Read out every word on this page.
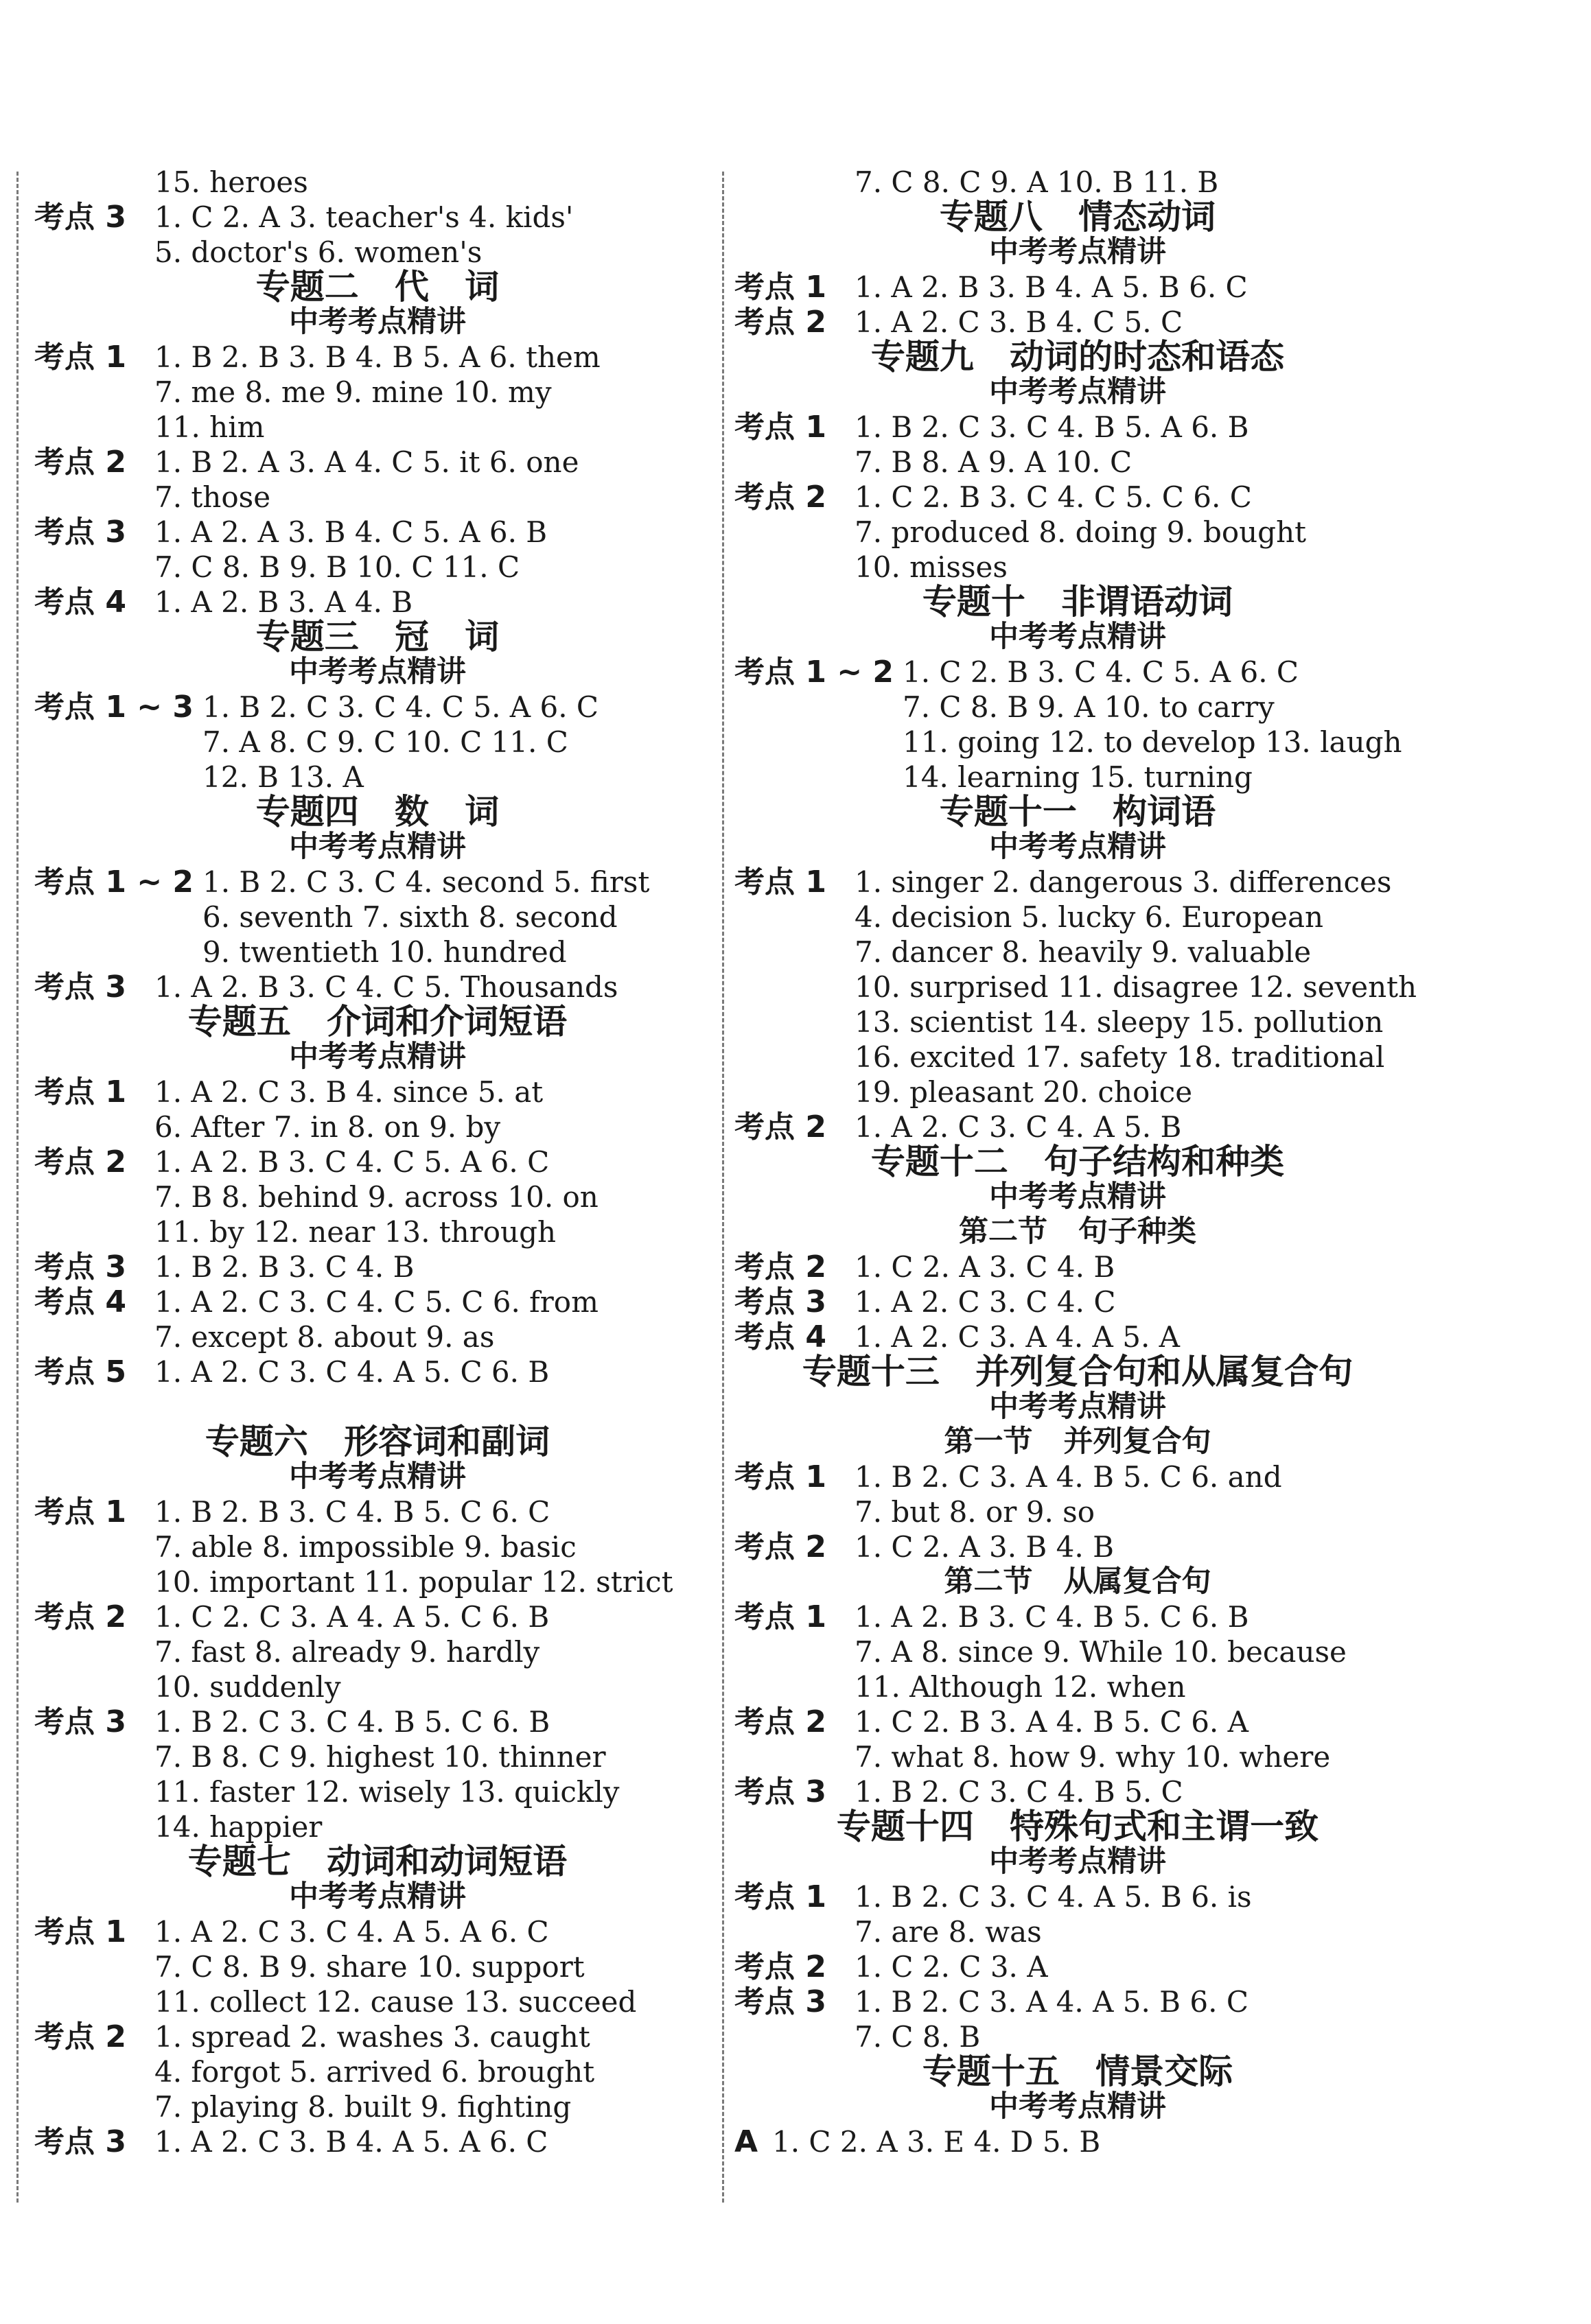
15. heroes
考点 3 1. C 2. A 3. teacher's 4. kids'
5. doctor's 6. women's
专题二   代   词
中考考点精讲
考点 1 1. B 2. B 3. B 4. B 5. A 6. them
7. me 8. me 9. mine 10. my
11. him
考点 2 1. B 2. A 3. A 4. C 5. it 6. one
7. those
考点 3 1. A 2. A 3. B 4. C 5. A 6. B
7. C 8. B 9. B 10. C 11. C
考点 4 1. A 2. B 3. A 4. B
专题三   冠   词
中考考点精讲
考点 1 ~ 3 1. B 2. C 3. C 4. C 5. A 6. C
7. A 8. C 9. C 10. C 11. C
12. B 13. A
专题四   数   词
中考考点精讲
考点 1 ~ 2 1. B 2. C 3. C 4. second 5. first
6. seventh 7. sixth 8. second
9. twentieth 10. hundred
考点 3 1. A 2. B 3. C 4. C 5. Thousands
专题五   介词和介词短语
中考考点精讲
考点 1 1. A 2. C 3. B 4. since 5. at
6. After 7. in 8. on 9. by
考点 2 1. A 2. B 3. C 4. C 5. A 6. C
7. B 8. behind 9. across 10. on
11. by 12. near 13. through
考点 3 1. B 2. B 3. C 4. B
考点 4 1. A 2. C 3. C 4. C 5. C 6. from
7. except 8. about 9. as
考点 5 1. A 2. C 3. C 4. A 5. C 6. B
专题六   形容词和副词
中考考点精讲
考点 1 1. B 2. B 3. C 4. B 5. C 6. C
7. able 8. impossible 9. basic
10. important 11. popular 12. strict
考点 2 1. C 2. C 3. A 4. A 5. C 6. B
7. fast 8. already 9. hardly
10. suddenly
考点 3 1. B 2. C 3. C 4. B 5. C 6. B
7. B 8. C 9. highest 10. thinner
11. faster 12. wisely 13. quickly
14. happier
专题七   动词和动词短语
中考考点精讲
考点 1 1. A 2. C 3. C 4. A 5. A 6. C
7. C 8. B 9. share 10. support
11. collect 12. cause 13. succeed
考点 2 1. spread 2. washes 3. caught
4. forgot 5. arrived 6. brought
7. playing 8. built 9. fighting
考点 3 1. A 2. C 3. B 4. A 5. A 6. C
7. C 8. C 9. A 10. B 11. B
专题八   情态动词
中考考点精讲
考点 1 1. A 2. B 3. B 4. A 5. B 6. C
考点 2 1. A 2. C 3. B 4. C 5. C
专题九   动词的时态和语态
中考考点精讲
考点 1 1. B 2. C 3. C 4. B 5. A 6. B
7. B 8. A 9. A 10. C
考点 2 1. C 2. B 3. C 4. C 5. C 6. C
7. produced 8. doing 9. bought
10. misses
专题十   非谓语动词
中考考点精讲
考点 1 ~ 2 1. C 2. B 3. C 4. C 5. A 6. C
7. C 8. B 9. A 10. to carry
11. going 12. to develop 13. laugh
14. learning 15. turning
专题十一   构词语
中考考点精讲
考点 1 1. singer 2. dangerous 3. differences
4. decision 5. lucky 6. European
7. dancer 8. heavily 9. valuable
10. surprised 11. disagree 12. seventh
13. scientist 14. sleepy 15. pollution
16. excited 17. safety 18. traditional
19. pleasant 20. choice
考点 2 1. A 2. C 3. C 4. A 5. B
专题十二   句子结构和种类
中考考点精讲
第二节   句子种类
考点 2 1. C 2. A 3. C 4. B
考点 3 1. A 2. C 3. C 4. C
考点 4 1. A 2. C 3. A 4. A 5. A
专题十三   并列复合句和从属复合句
中考考点精讲
第一节   并列复合句
考点 1 1. B 2. C 3. A 4. B 5. C 6. and
7. but 8. or 9. so
考点 2 1. C 2. A 3. B 4. B
第二节   从属复合句
考点 1 1. A 2. B 3. C 4. B 5. C 6. B
7. A 8. since 9. While 10. because
11. Although 12. when
考点 2 1. C 2. B 3. A 4. B 5. C 6. A
7. what 8. how 9. why 10. where
考点 3 1. B 2. C 3. C 4. B 5. C
专题十四   特殊句式和主谓一致
中考考点精讲
考点 1 1. B 2. C 3. C 4. A 5. B 6. is
7. are 8. was
考点 2 1. C 2. C 3. A
考点 3 1. B 2. C 3. A 4. A 5. B 6. C
7. C 8. B
专题十五   情景交际
中考考点精讲
A 1. C 2. A 3. E 4. D 5. B
